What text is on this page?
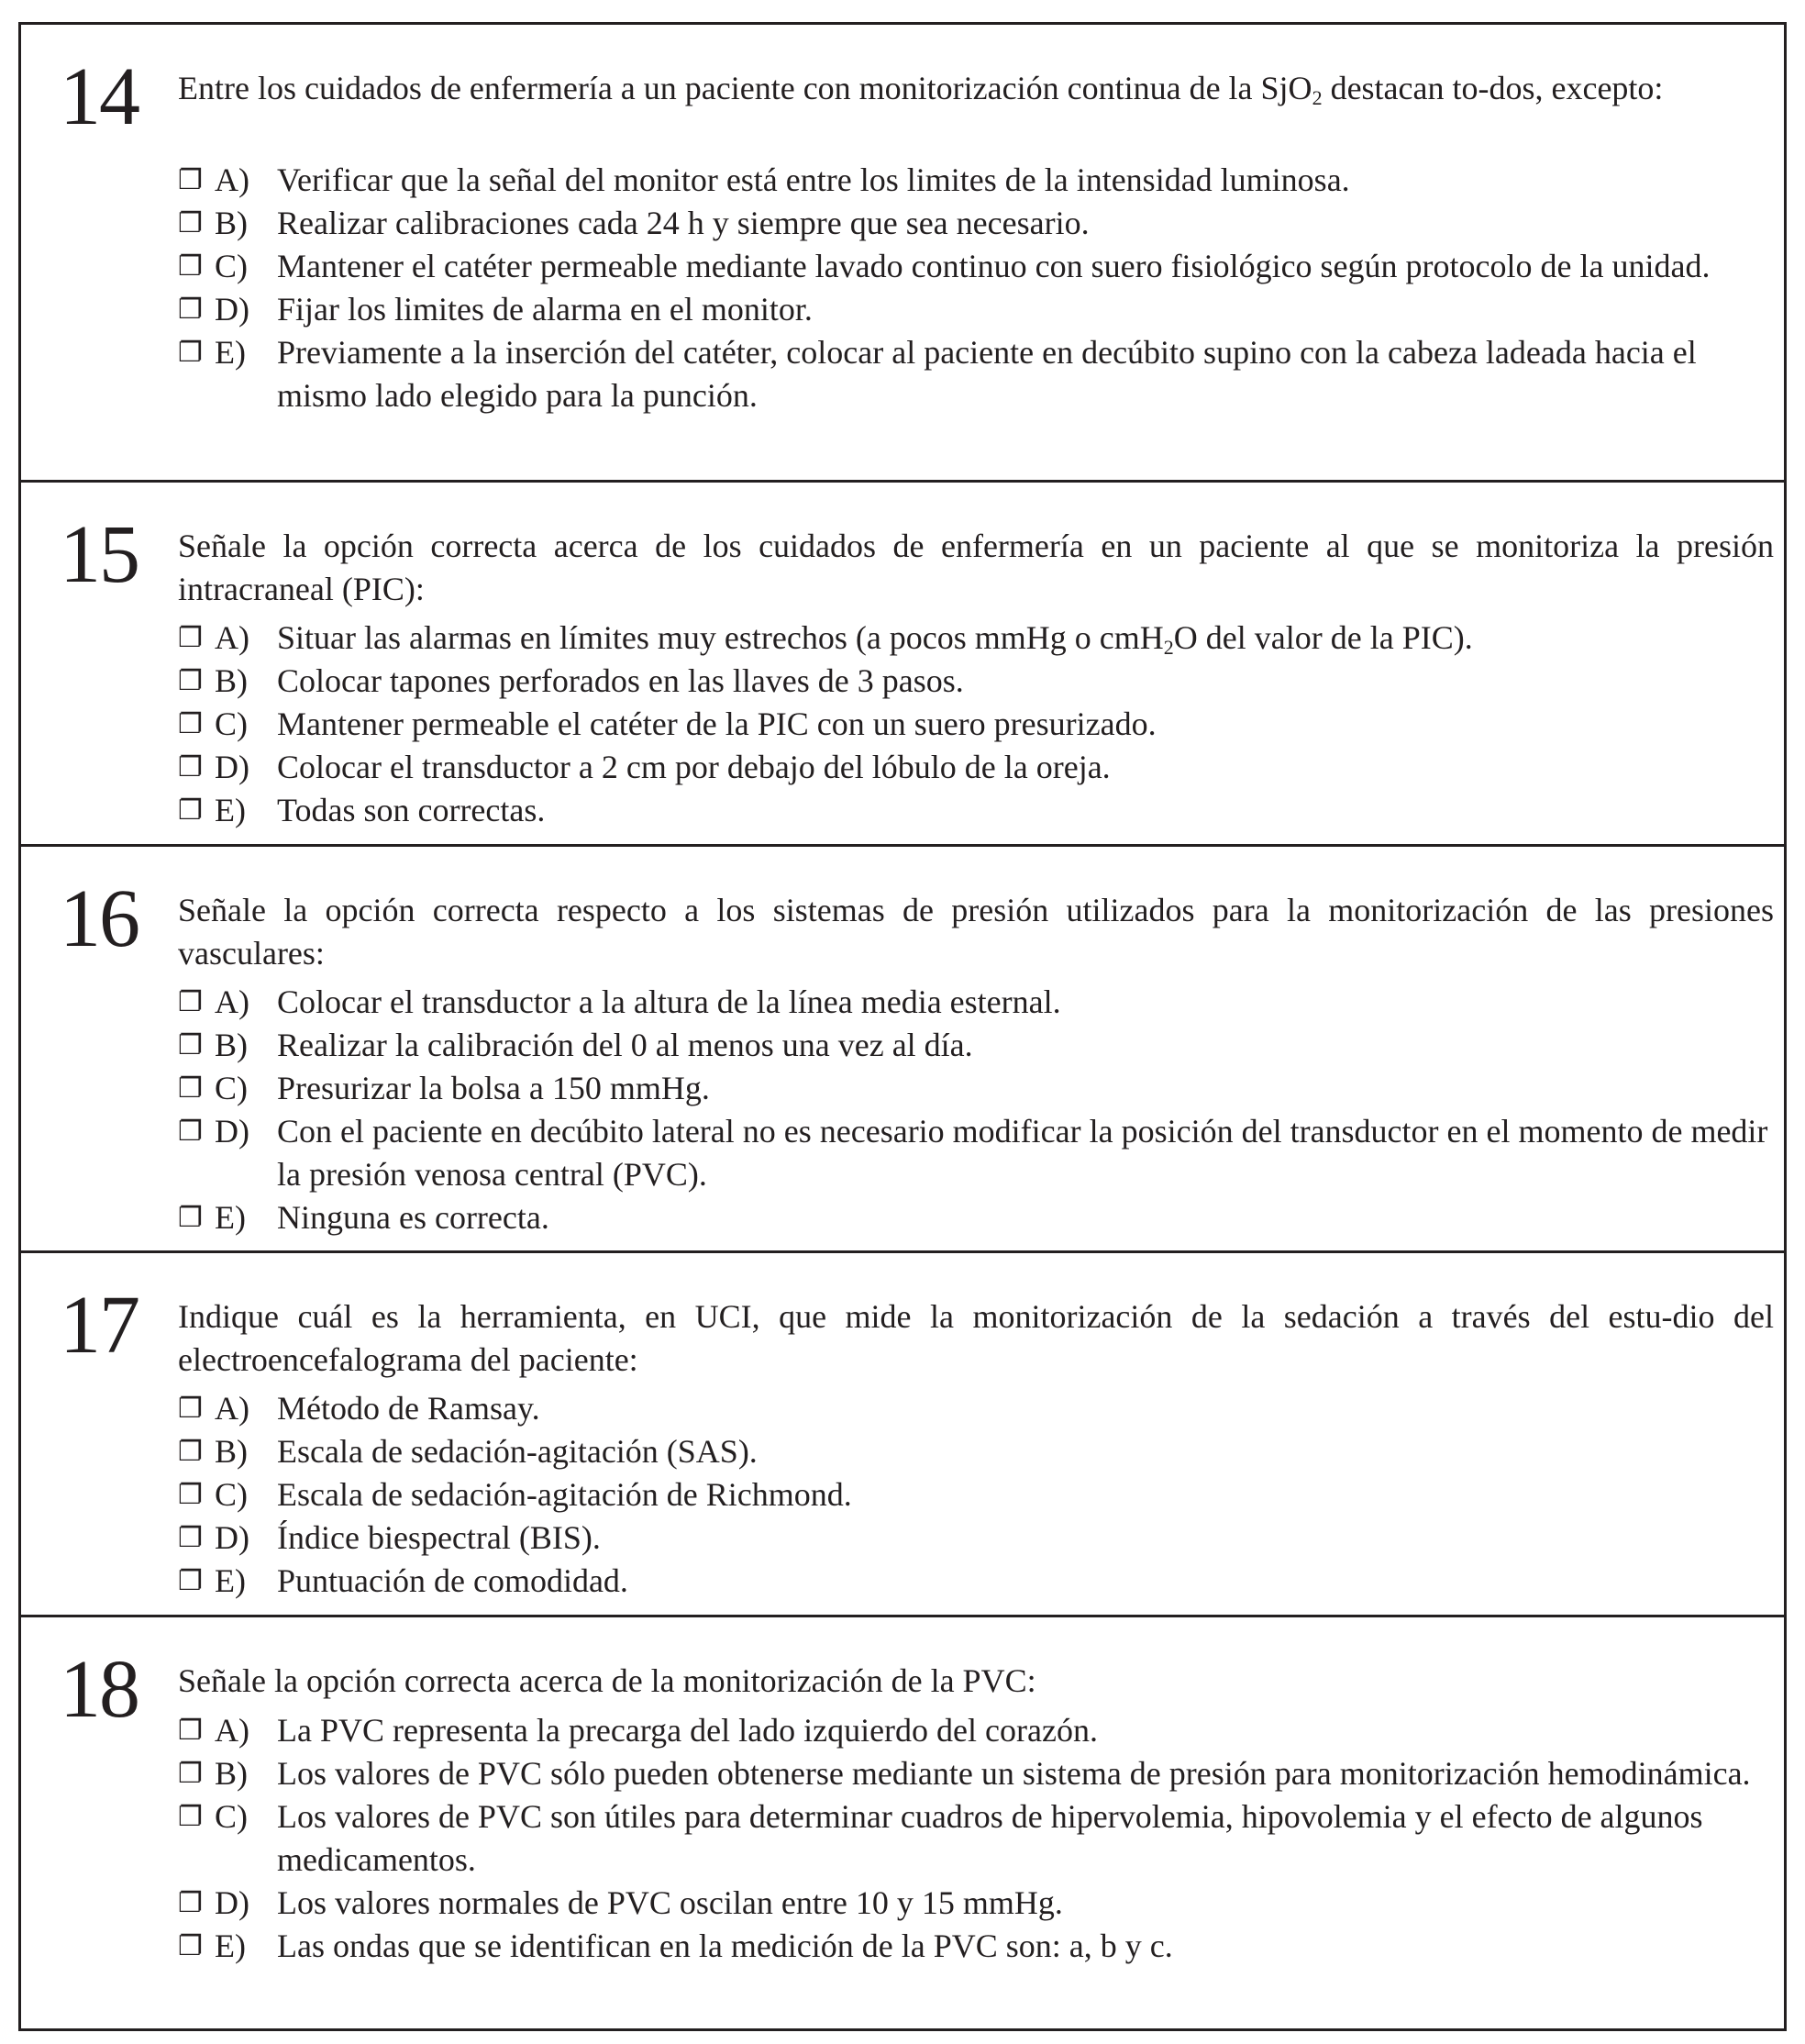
14 Entre los cuidados de enfermería a un paciente con monitorización continua de la SjO$_2$ destacan to-dos, excepto:
❐ A) Verificar que la señal del monitor está entre los limites de la intensidad luminosa.
❐ B) Realizar calibraciones cada 24 h y siempre que sea necesario.
❐ C) Mantener el catéter permeable mediante lavado continuo con suero fisiológico según protocolo de la unidad.
❐ D) Fijar los limites de alarma en el monitor.
❐ E) Previamente a la inserción del catéter, colocar al paciente en decúbito supino con la cabeza ladeada hacia el mismo lado elegido para la punción.
15 Señale la opción correcta acerca de los cuidados de enfermería en un paciente al que se monitoriza la presión intracraneal (PIC):
❐ A) Situar las alarmas en límites muy estrechos (a pocos mmHg o cmH$_2$O del valor de la PIC).
❐ B) Colocar tapones perforados en las llaves de 3 pasos.
❐ C) Mantener permeable el catéter de la PIC con un suero presurizado.
❐ D) Colocar el transductor a 2 cm por debajo del lóbulo de la oreja.
❐ E) Todas son correctas.
16 Señale la opción correcta respecto a los sistemas de presión utilizados para la monitorización de las presiones vasculares:
❐ A) Colocar el transductor a la altura de la línea media esternal.
❐ B) Realizar la calibración del 0 al menos una vez al día.
❐ C) Presurizar la bolsa a 150 mmHg.
❐ D) Con el paciente en decúbito lateral no es necesario modificar la posición del transductor en el momento de medir la presión venosa central (PVC).
❐ E) Ninguna es correcta.
17 Indique cuál es la herramienta, en UCI, que mide la monitorización de la sedación a través del estu-dio del electroencefalograma del paciente:
❐ A) Método de Ramsay.
❐ B) Escala de sedación-agitación (SAS).
❐ C) Escala de sedación-agitación de Richmond.
❐ D) Índice biespectral (BIS).
❐ E) Puntuación de comodidad.
18 Señale la opción correcta acerca de la monitorización de la PVC:
❐ A) La PVC representa la precarga del lado izquierdo del corazón.
❐ B) Los valores de PVC sólo pueden obtenerse mediante un sistema de presión para monitorización hemodinámica.
❐ C) Los valores de PVC son útiles para determinar cuadros de hipervolemia, hipovolemia y el efecto de algunos medicamentos.
❐ D) Los valores normales de PVC oscilan entre 10 y 15 mmHg.
❐ E) Las ondas que se identifican en la medición de la PVC son: a, b y c.
